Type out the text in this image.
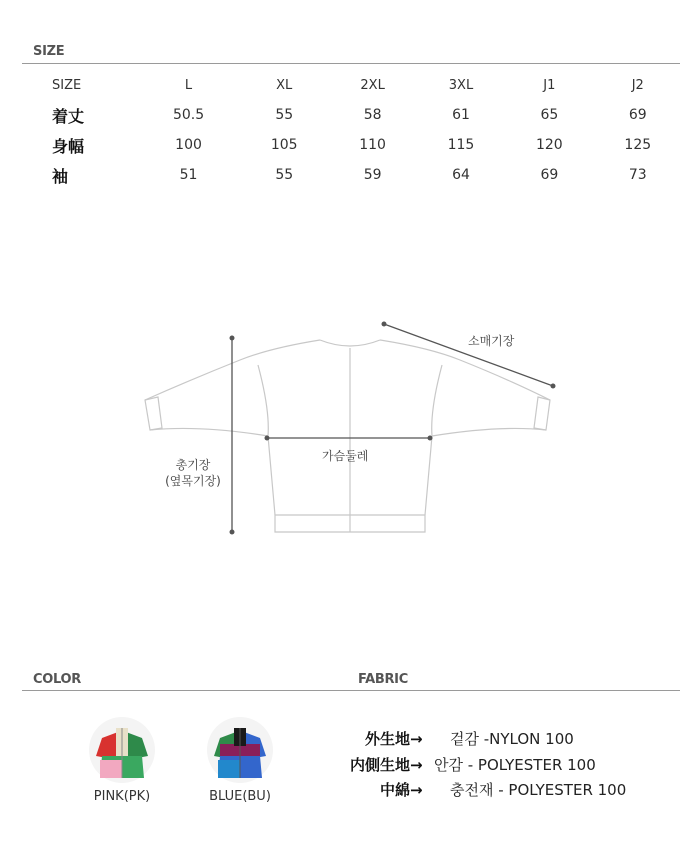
SIZE
SIZE	L	XL	2XL	3XL	J1	J2
着丈	50.5	55	58	61	65	69
身幅	100	105	110	115	120	125
袖	51	55	59	64	69	73
소매기장
가슴둘레
총기장
(옆목기장)
COLOR	FABRIC
PINK(PK)	BLUE(BU)
外生地→ 겉감 -NYLON 100
内側生地→ 안감 - POLYESTER 100
中綿→ 충전재 - POLYESTER 100
